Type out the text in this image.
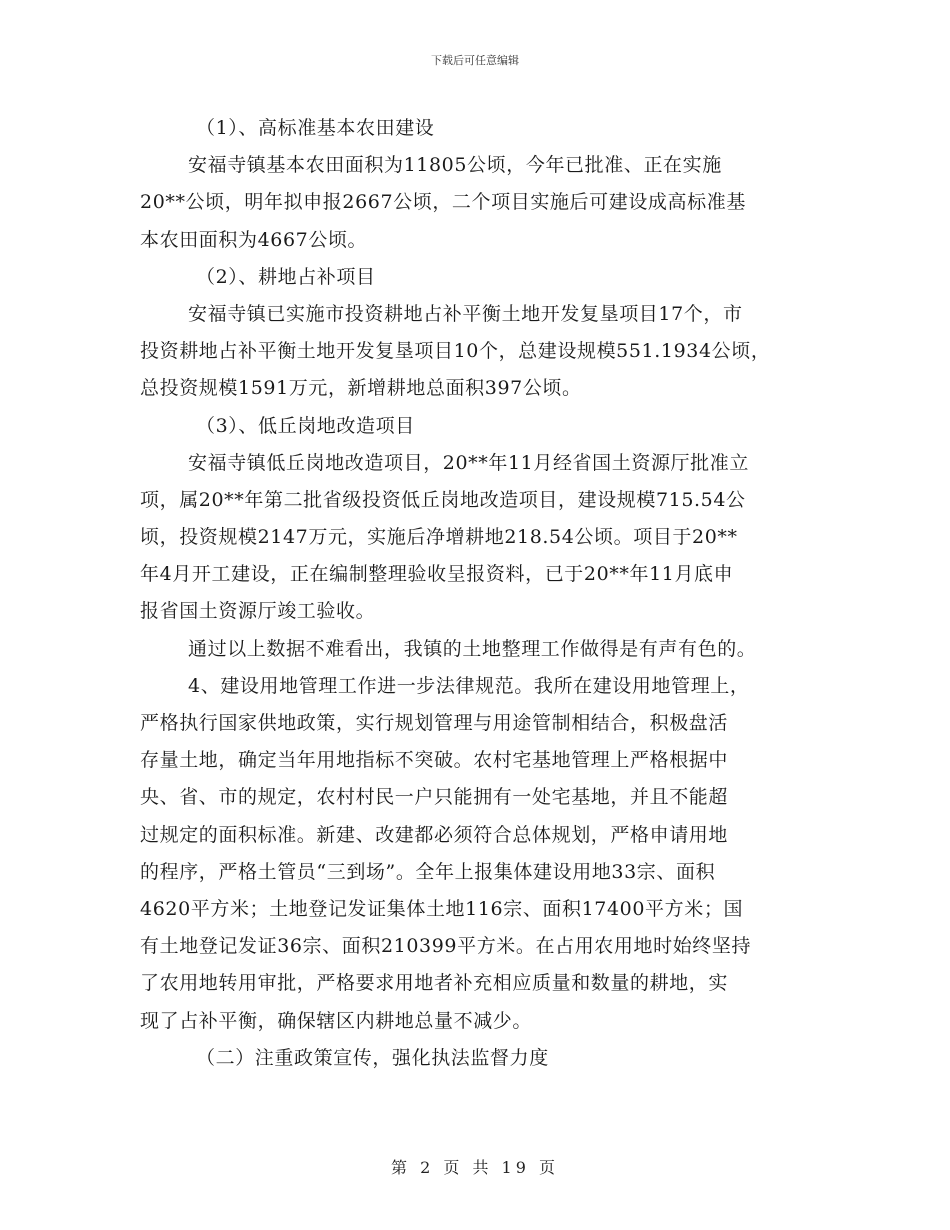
下载后可任意编辑
（1）、高标准基本农田建设
安福寺镇基本农田面积为11805公顷，今年已批准、正在实施
20**公顷，明年拟申报2667公顷，二个项目实施后可建设成高标准基
本农田面积为4667公顷。
（2）、耕地占补项目
安福寺镇已实施市投资耕地占补平衡土地开发复垦项目17个，市
投资耕地占补平衡土地开发复垦项目10个，总建设规模551.1934公顷，
总投资规模1591万元，新增耕地总面积397公顷。
（3）、低丘岗地改造项目
安福寺镇低丘岗地改造项目，20**年11月经省国土资源厅批准立
项，属20**年第二批省级投资低丘岗地改造项目，建设规模715.54公
顷，投资规模2147万元，实施后净增耕地218.54公顷。项目于20**
年4月开工建设，正在编制整理验收呈报资料，已于20**年11月底申
报省国土资源厅竣工验收。
通过以上数据不难看出，我镇的土地整理工作做得是有声有色的。
4、建设用地管理工作进一步法律规范。我所在建设用地管理上，
严格执行国家供地政策，实行规划管理与用途管制相结合，积极盘活
存量土地，确定当年用地指标不突破。农村宅基地管理上严格根据中
央、省、市的规定，农村村民一户只能拥有一处宅基地，并且不能超
过规定的面积标准。新建、改建都必须符合总体规划，严格申请用地
的程序，严格土管员“三到场”。全年上报集体建设用地33宗、面积
4620平方米；土地登记发证集体土地116宗、面积17400平方米；国
有土地登记发证36宗、面积210399平方米。在占用农用地时始终坚持
了农用地转用审批，严格要求用地者补充相应质量和数量的耕地，实
现了占补平衡，确保辖区内耕地总量不减少。
（二）注重政策宣传，强化执法监督力度
第 2 页 共 19 页
